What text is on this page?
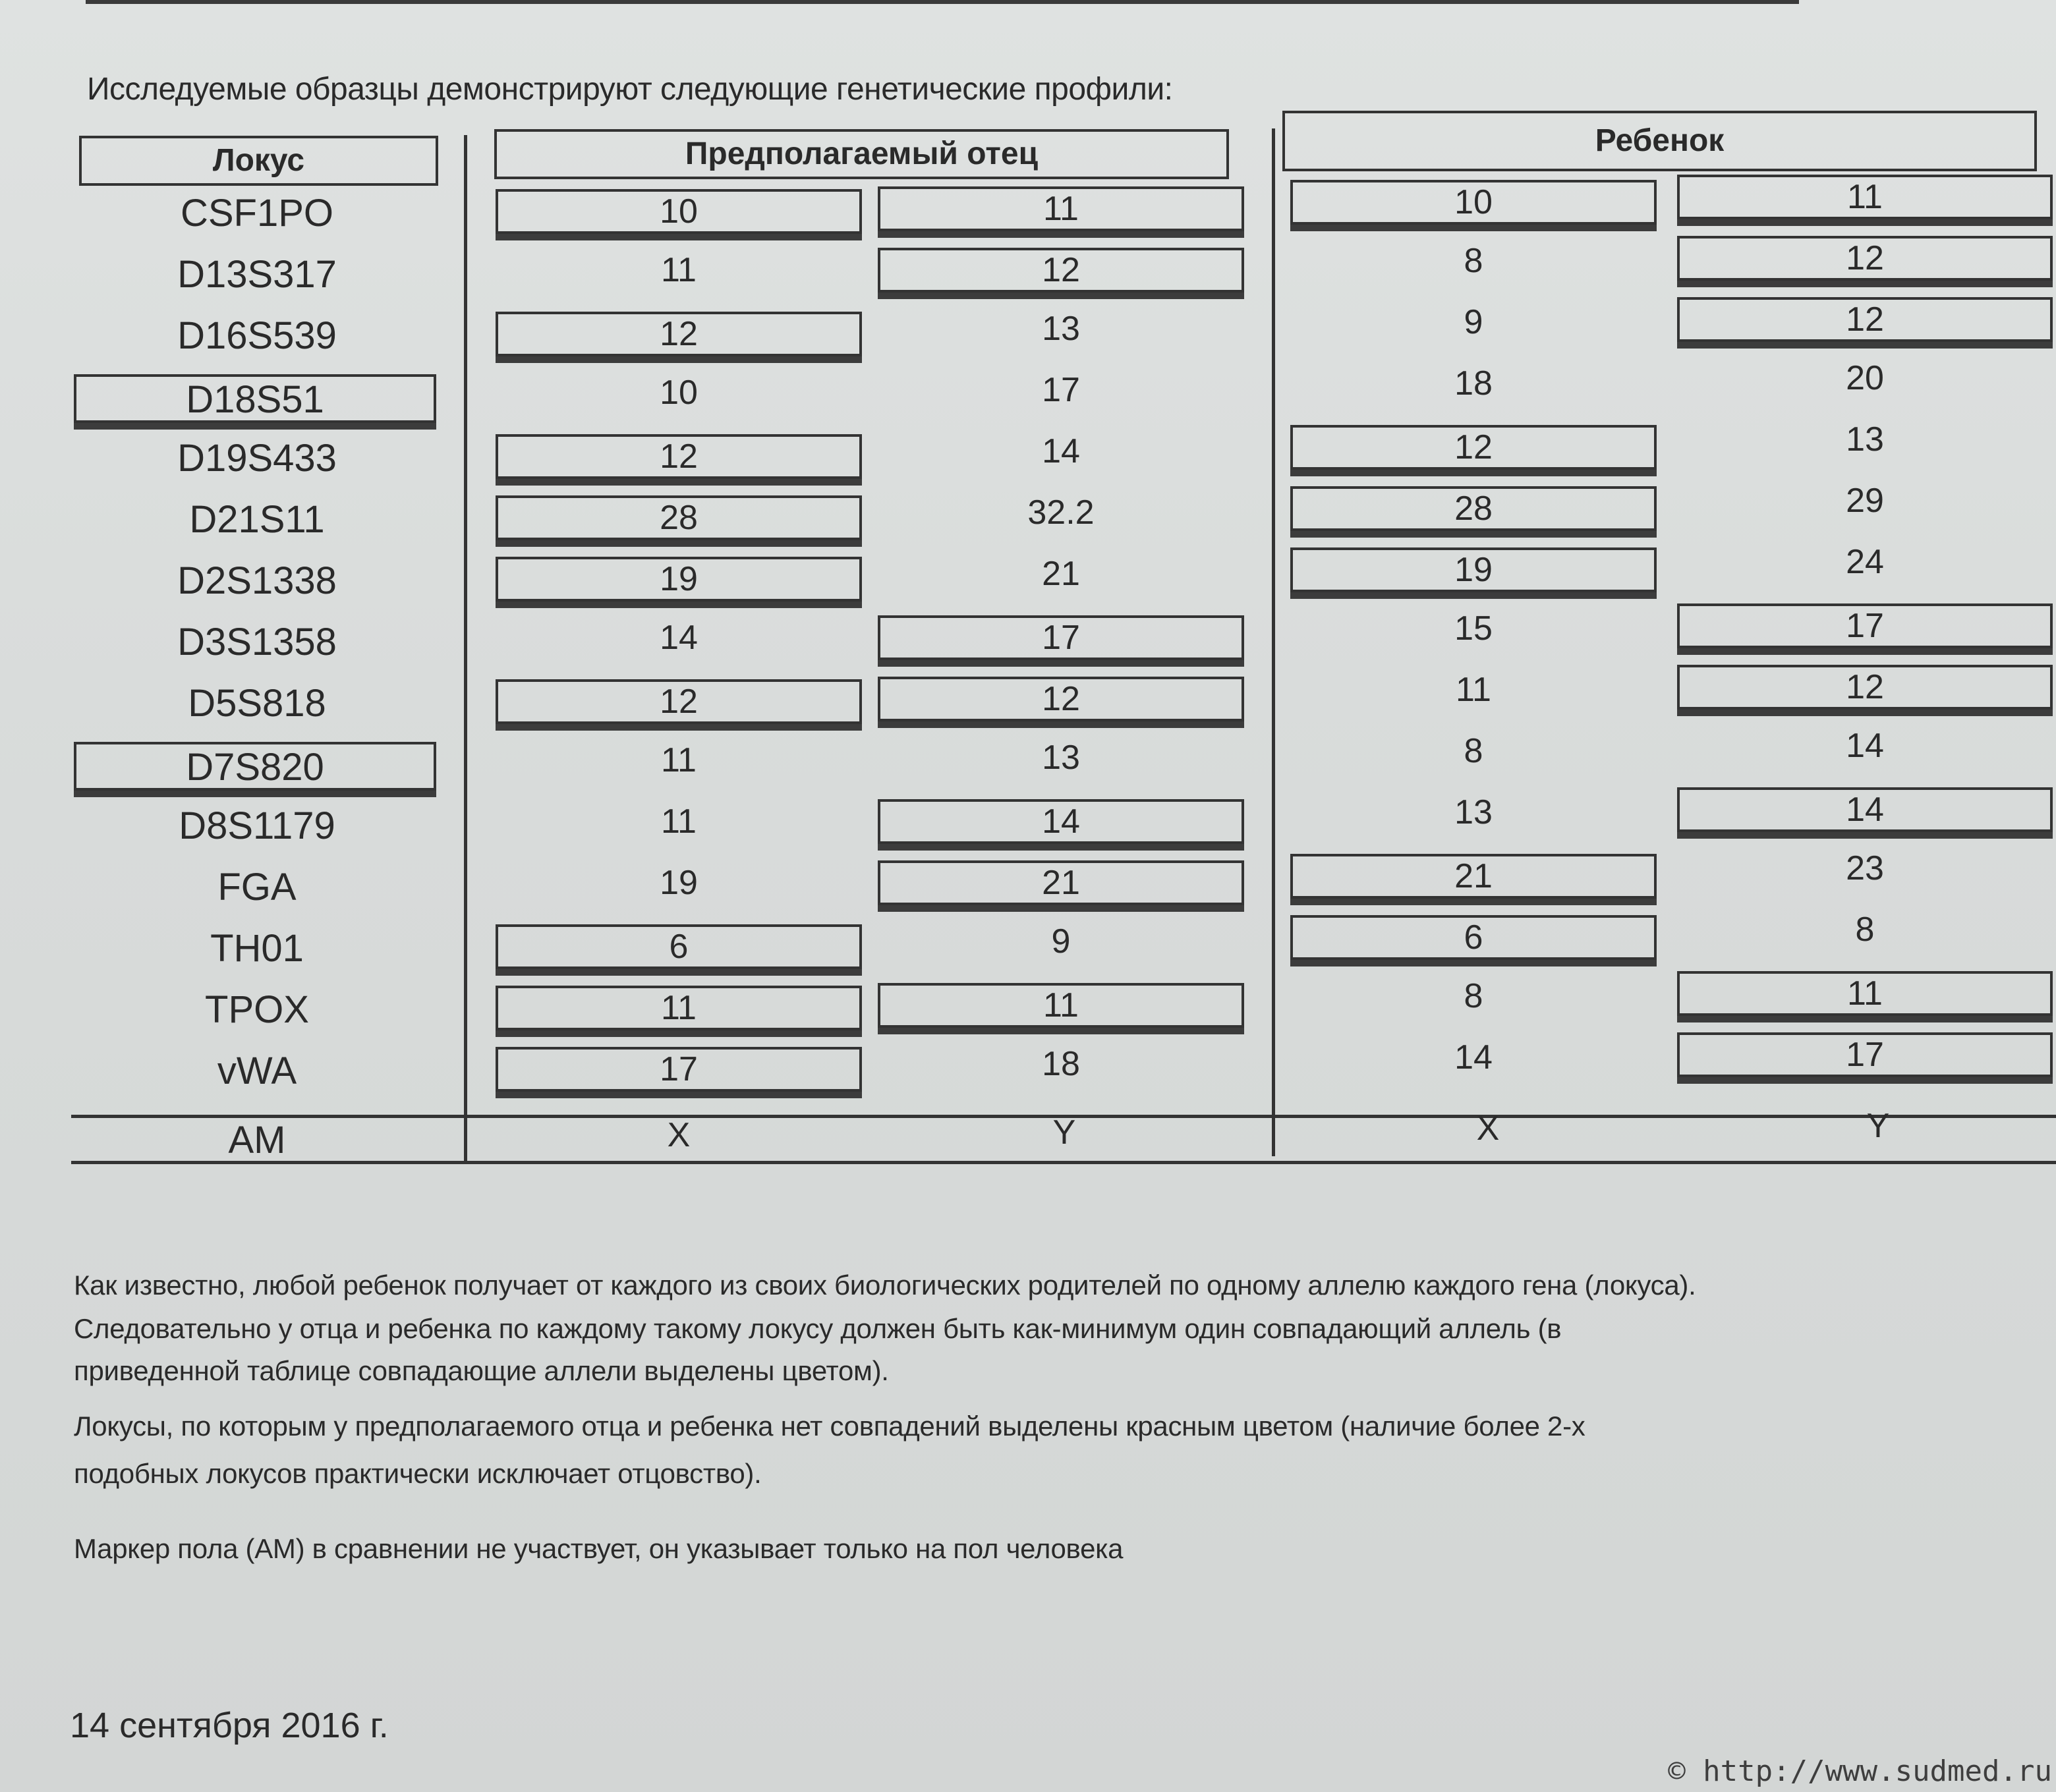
Исследуемые образцы демонстрируют следующие генетические профили:
Локус	Предполагаемый отец	Ребенок
CSF1PO	10	11	10	11
D13S317	11	12	8	12
D16S539	12	13	9	12
D18S51	10	17	18	20
D19S433	12	14	12	13
D21S11	28	32.2	28	29
D2S1338	19	21	19	24
D3S1358	14	17	15	17
D5S818	12	12	11	12
D7S820	11	13	8	14
D8S1179	11	14	13	14
FGA	19	21	21	23
TH01	6	9	6	8
TPOX	11	11	8	11
vWA	17	18	14	17
AM	X	Y	X	Y
Как известно, любой ребенок получает от каждого из своих биологических родителей по одному аллелю каждого гена (локуса).
Следовательно у отца и ребенка по каждому такому локусу должен быть как-минимум один совпадающий аллель (в
приведенной таблице совпадающие аллели выделены цветом).
Локусы, по которым у предполагаемого отца и ребенка нет совпадений выделены красным цветом (наличие более 2-х
подобных локусов практически исключает отцовство).
Маркер пола (AM) в сравнении не участвует, он указывает только на пол человека
14 сентября 2016 г.
© http://www.sudmed.ru
